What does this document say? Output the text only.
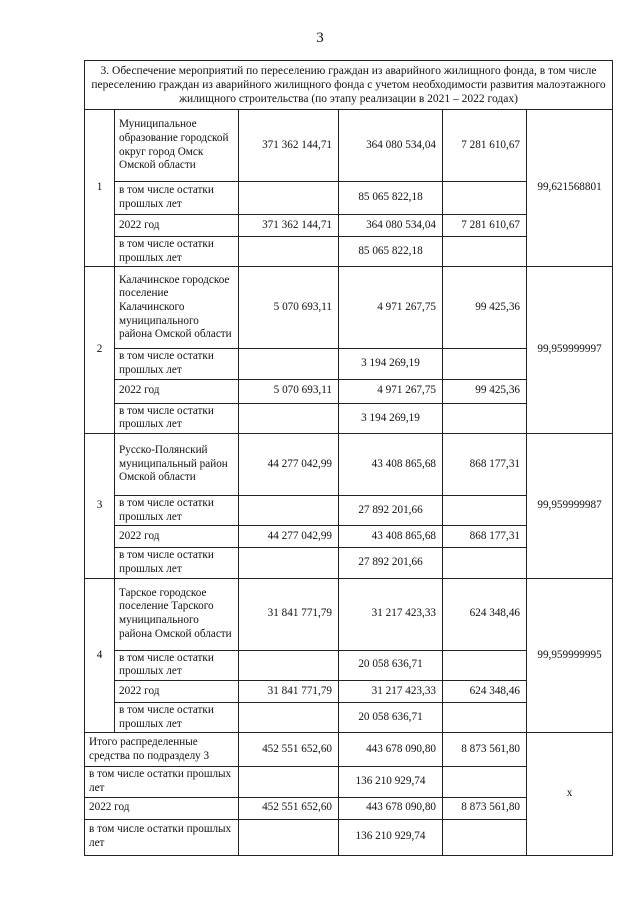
3
3. Обеспечение мероприятий по переселению граждан из аварийного жилищного фонда, в том числе переселению граждан из аварийного жилищного фонда с учетом необходимости развития малоэтажного жилищного строительства (по этапу реализации в 2021 – 2022 годах)					
1	Муниципальное образование городской округ город Омск Омской области	371 362 144,71	364 080 534,04	7 281 610,67	99,621568801
	в том числе остатки прошлых лет		85 065 822,18		
	2022 год	371 362 144,71	364 080 534,04	7 281 610,67	
	в том числе остатки прошлых лет		85 065 822,18		
2	Калачинское городское поселение Калачинского муниципального района Омской области	5 070 693,11	4 971 267,75	99 425,36	99,959999997
	в том числе остатки прошлых лет		3 194 269,19		
	2022 год	5 070 693,11	4 971 267,75	99 425,36	
	в том числе остатки прошлых лет		3 194 269,19		
3	Русско-Полянский муниципальный район Омской области	44 277 042,99	43 408 865,68	868 177,31	99,959999987
	в том числе остатки прошлых лет		27 892 201,66		
	2022 год	44 277 042,99	43 408 865,68	868 177,31	
	в том числе остатки прошлых лет		27 892 201,66		
4	Тарское городское поселение Тарского муниципального района Омской области	31 841 771,79	31 217 423,33	624 348,46	99,959999995
	в том числе остатки прошлых лет		20 058 636,71		
	2022 год	31 841 771,79	31 217 423,33	624 348,46	
	в том числе остатки прошлых лет		20 058 636,71		
Итого распределенные средства по подразделу 3		452 551 652,60	443 678 090,80	8 873 561,80	x
в том числе остатки прошлых лет			136 210 929,74		
2022 год		452 551 652,60	443 678 090,80	8 873 561,80	
в том числе остатки прошлых лет			136 210 929,74		
